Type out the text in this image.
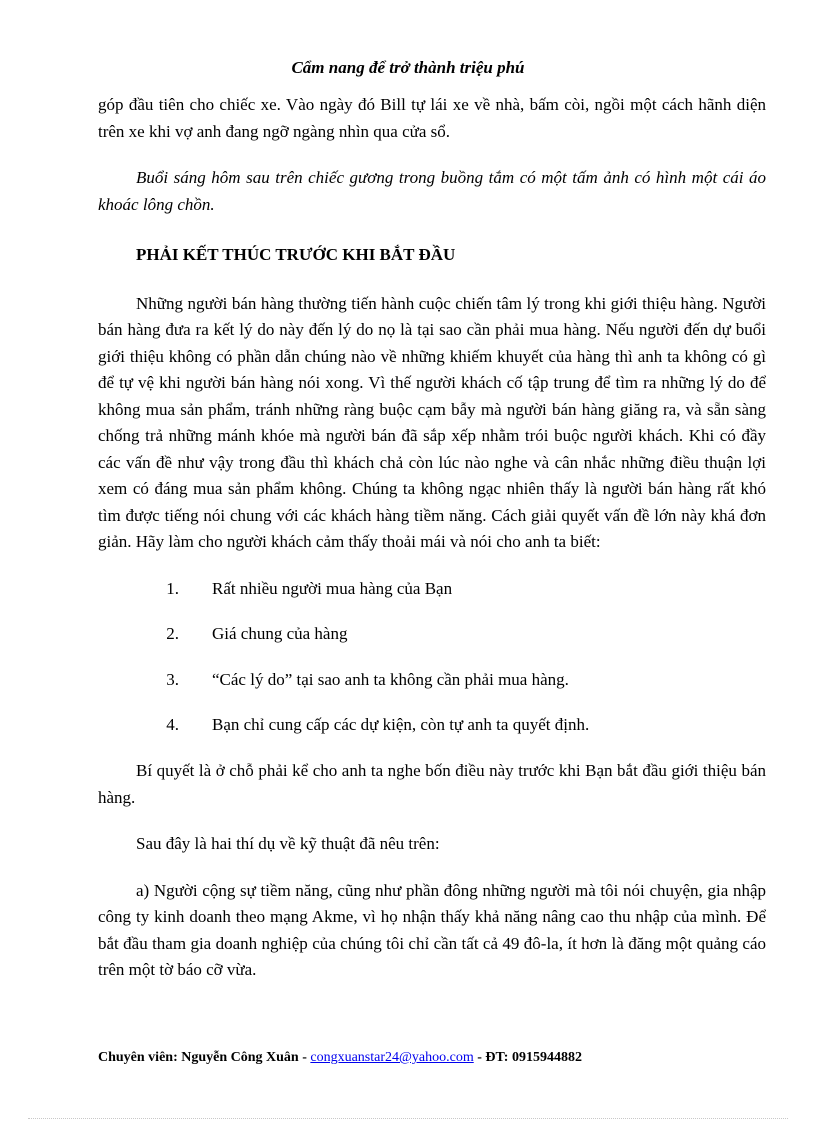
Cẩm nang để trở thành triệu phú

góp đầu tiên cho chiếc xe. Vào ngày đó Bill tự lái xe về nhà, bấm còi, ngồi một cách hãnh diện trên xe khi vợ anh đang ngỡ ngàng nhìn qua cửa sổ.

Buổi sáng hôm sau trên chiếc gương trong buồng tắm có một tấm ảnh có hình một cái áo khoác lông chồn.

PHẢI KẾT THÚC TRƯỚC KHI BẮT ĐẦU

Những người bán hàng thường tiến hành cuộc chiến tâm lý trong khi giới thiệu hàng. Người bán hàng đưa ra kết lý do này đến lý do nọ là tại sao cần phải mua hàng. Nếu người đến dự buổi giới thiệu không có phần dẫn chúng nào về những khiếm khuyết của hàng thì anh ta không có gì để tự vệ khi người bán hàng nói xong. Vì thế người khách cố tập trung để tìm ra những lý do để không mua sản phẩm, tránh những ràng buộc cạm bẫy mà người bán hàng giăng ra, và sẵn sàng chống trả những mánh khóe mà người bán đã sắp xếp nhằm trói buộc người khách. Khi có đầy các vấn đề như vậy trong đầu thì khách chả còn lúc nào nghe và cân nhắc những điều thuận lợi xem có đáng mua sản phẩm không. Chúng ta không ngạc nhiên thấy là người bán hàng rất khó tìm được tiếng nói chung với các khách hàng tiềm năng. Cách giải quyết vấn đề lớn này khá đơn giản. Hãy làm cho người khách cảm thấy thoải mái và nói cho anh ta biết:

1.	Rất nhiều người mua hàng của Bạn
2.	Giá chung của hàng
3.	“Các lý do” tại sao anh ta không cần phải mua hàng.
4.	Bạn chỉ cung cấp các dự kiện, còn tự anh ta quyết định.

Bí quyết là ở chỗ phải kể cho anh ta nghe bốn điều này trước khi Bạn bắt đầu giới thiệu bán hàng.

Sau đây là hai thí dụ về kỹ thuật đã nêu trên:

a) Người cộng sự tiềm năng, cũng như phần đông những người mà tôi nói chuyện, gia nhập công ty kinh doanh theo mạng Akme, vì họ nhận thấy khả năng nâng cao thu nhập của mình. Để bắt đầu tham gia doanh nghiệp của chúng tôi chỉ cần tất cả 49 đô-la, ít hơn là đăng một quảng cáo trên một tờ báo cỡ vừa.

Chuyên viên: Nguyễn Công Xuân - congxuanstar24@yahoo.com - ĐT: 0915944882
